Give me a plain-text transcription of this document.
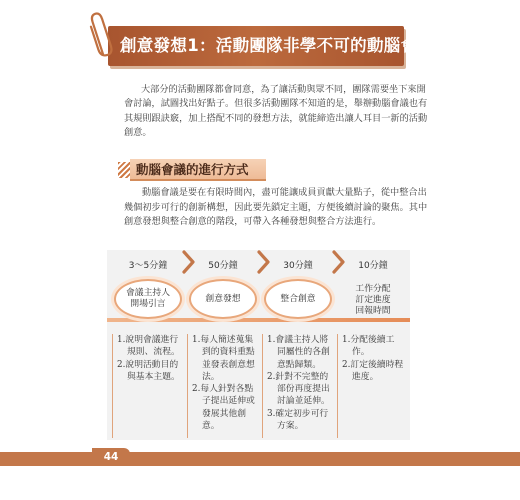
創意發想1：活動團隊非學不可的動腦會議

大部分的活動團隊都會同意，為了讓活動與眾不同，團隊需要坐下來開會討論，試圖找出好點子。但很多活動團隊不知道的是，舉辦動腦會議也有其規則跟訣竅，加上搭配不同的發想方法，就能締造出讓人耳目一新的活動創意。

動腦會議的進行方式

動腦會議是要在有限時間內，盡可能讓成員貢獻大量點子，從中整合出幾個初步可行的創新構想，因此要先鎖定主題，方便後續討論的聚焦。其中創意發想與整合創意的階段，可帶入各種發想與整合方法進行。

3～5分鐘
會議主持人
開場引言
1.說明會議進行規則、流程。
2.說明活動目的與基本主題。
50分鐘
創意發想
1.每人簡述蒐集到的資料重點並發表創意想法。
2.每人針對各點子提出延伸或發展其他創意。
30分鐘
整合創意
1.會議主持人將同屬性的各創意點歸類。
2.針對不完整的部份再度提出討論並延伸。
3.確定初步可行方案。
10分鐘
工作分配
訂定進度
回報時間
1.分配後續工作。
2.訂定後續時程進度。
44
